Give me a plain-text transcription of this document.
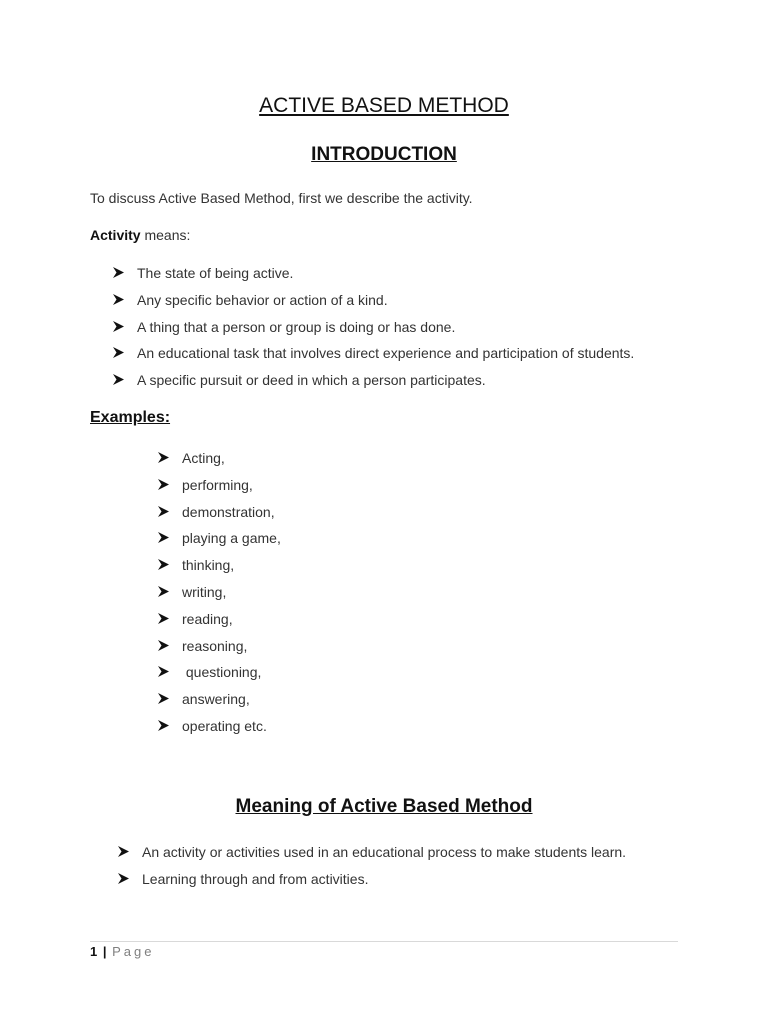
ACTIVE BASED METHOD
INTRODUCTION
To discuss Active Based Method, first we describe the activity.
Activity means:
The state of being active.
Any specific behavior or action of a kind.
A thing that a person or group is doing or has done.
An educational task that involves direct experience and participation of students.
A specific pursuit or deed in which a person participates.
Examples:
Acting,
performing,
demonstration,
playing a game,
thinking,
writing,
reading,
reasoning,
questioning,
answering,
operating etc.
Meaning of Active Based Method
An activity or activities used in an educational process to make students learn.
Learning through and from activities.
1 | Page
